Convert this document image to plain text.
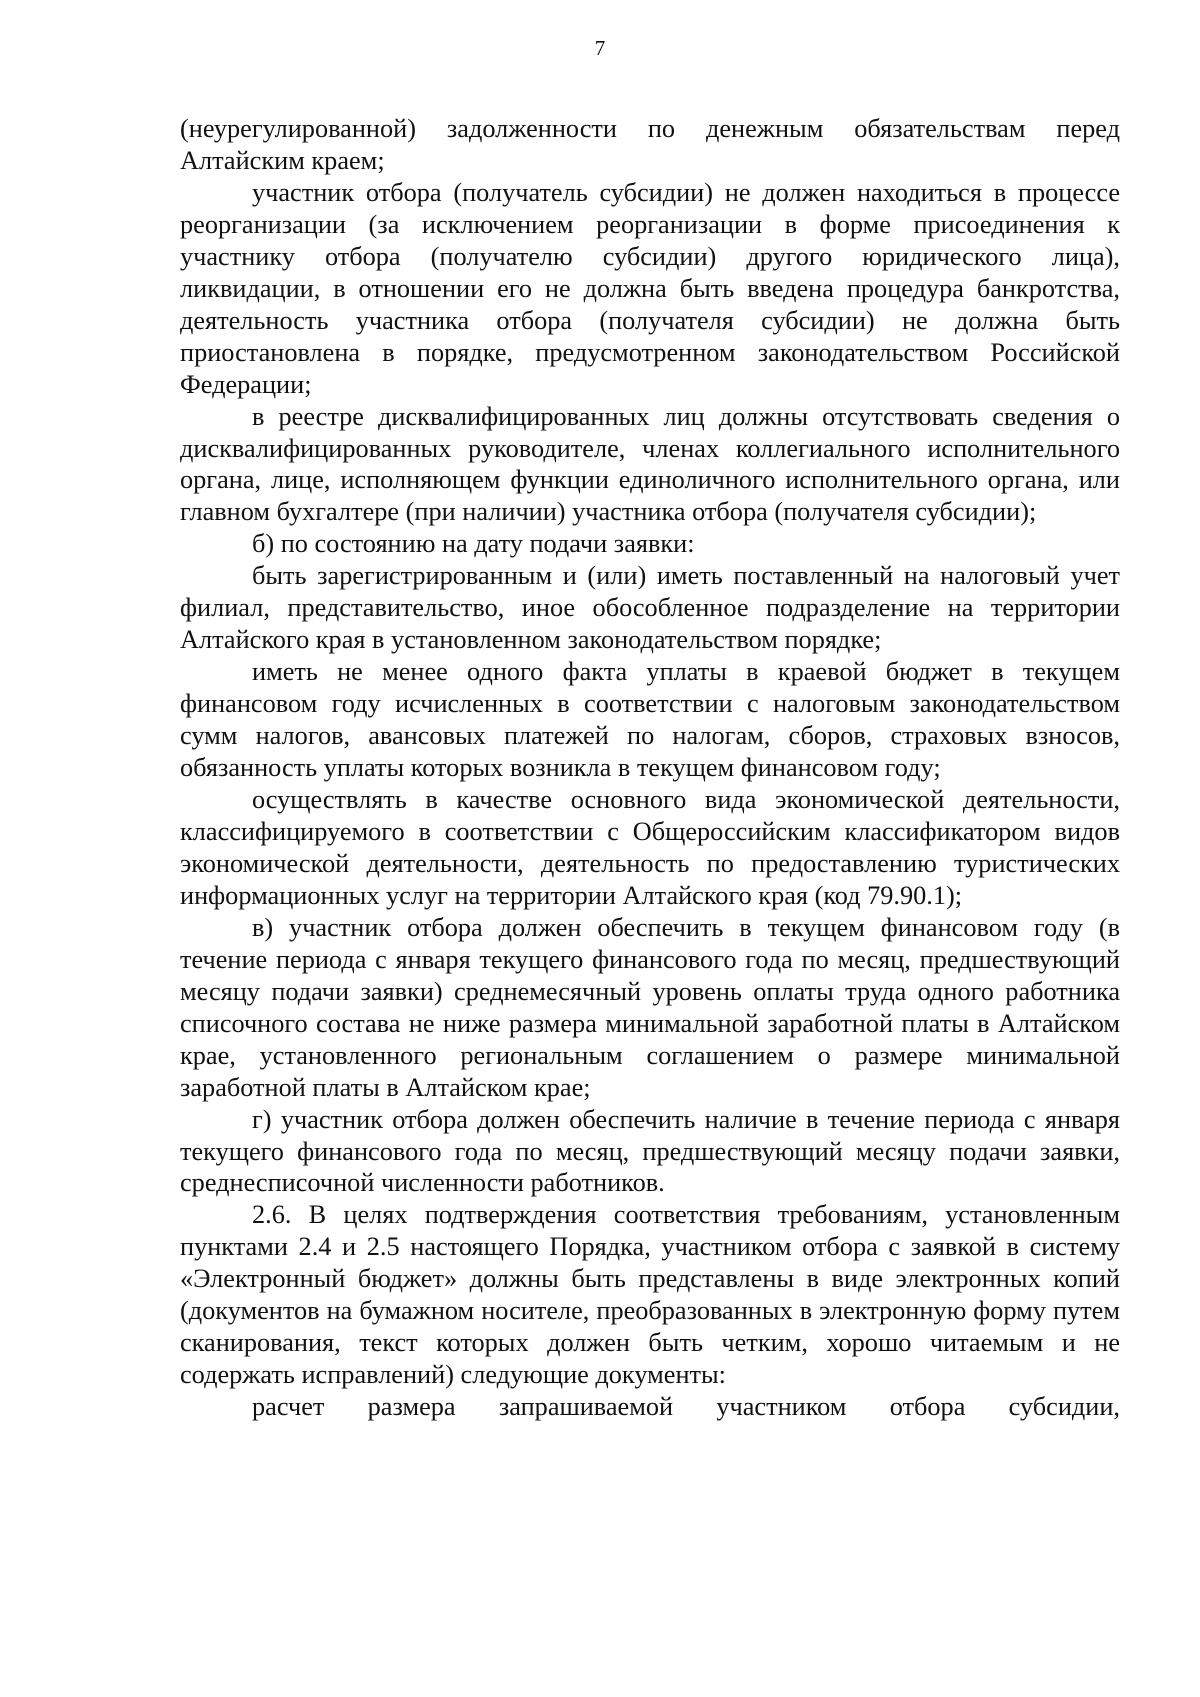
7

(неурегулированной) задолженности по денежным обязательствам перед Алтайским краем;

участник отбора (получатель субсидии) не должен находиться в процессе реорганизации (за исключением реорганизации в форме присоединения к участнику отбора (получателю субсидии) другого юридического лица), ликвидации, в отношении его не должна быть введена процедура банкротства, деятельность участника отбора (получателя субсидии) не должна быть приостановлена в порядке, предусмотренном законодательством Российской Федерации;

в реестре дисквалифицированных лиц должны отсутствовать сведения о дисквалифицированных руководителе, членах коллегиального исполнительного органа, лице, исполняющем функции единоличного исполнительного органа, или главном бухгалтере (при наличии) участника отбора (получателя субсидии);

б) по состоянию на дату подачи заявки:

быть зарегистрированным и (или) иметь поставленный на налоговый учет филиал, представительство, иное обособленное подразделение на территории Алтайского края в установленном законодательством порядке;

иметь не менее одного факта уплаты в краевой бюджет в текущем финансовом году исчисленных в соответствии с налоговым законодательством сумм налогов, авансовых платежей по налогам, сборов, страховых взносов, обязанность уплаты которых возникла в текущем финансовом году;

осуществлять в качестве основного вида экономической деятельности, классифицируемого в соответствии с Общероссийским классификатором видов экономической деятельности, деятельность по предоставлению туристических информационных услуг на территории Алтайского края (код 79.90.1);

в) участник отбора должен обеспечить в текущем финансовом году (в течение периода с января текущего финансового года по месяц, предшествующий месяцу подачи заявки) среднемесячный уровень оплаты труда одного работника списочного состава не ниже размера минимальной заработной платы в Алтайском крае, установленного региональным соглашением о размере минимальной заработной платы в Алтайском крае;

г) участник отбора должен обеспечить наличие в течение периода с января текущего финансового года по месяц, предшествующий месяцу подачи заявки, среднесписочной численности работников.

2.6. В целях подтверждения соответствия требованиям, установленным пунктами 2.4 и 2.5 настоящего Порядка, участником отбора с заявкой в систему «Электронный бюджет» должны быть представлены в виде электронных копий (документов на бумажном носителе, преобразованных в электронную форму путем сканирования, текст которых должен быть четким, хорошо читаемым и не содержать исправлений) следующие документы:

расчет размера запрашиваемой участником отбора субсидии,
